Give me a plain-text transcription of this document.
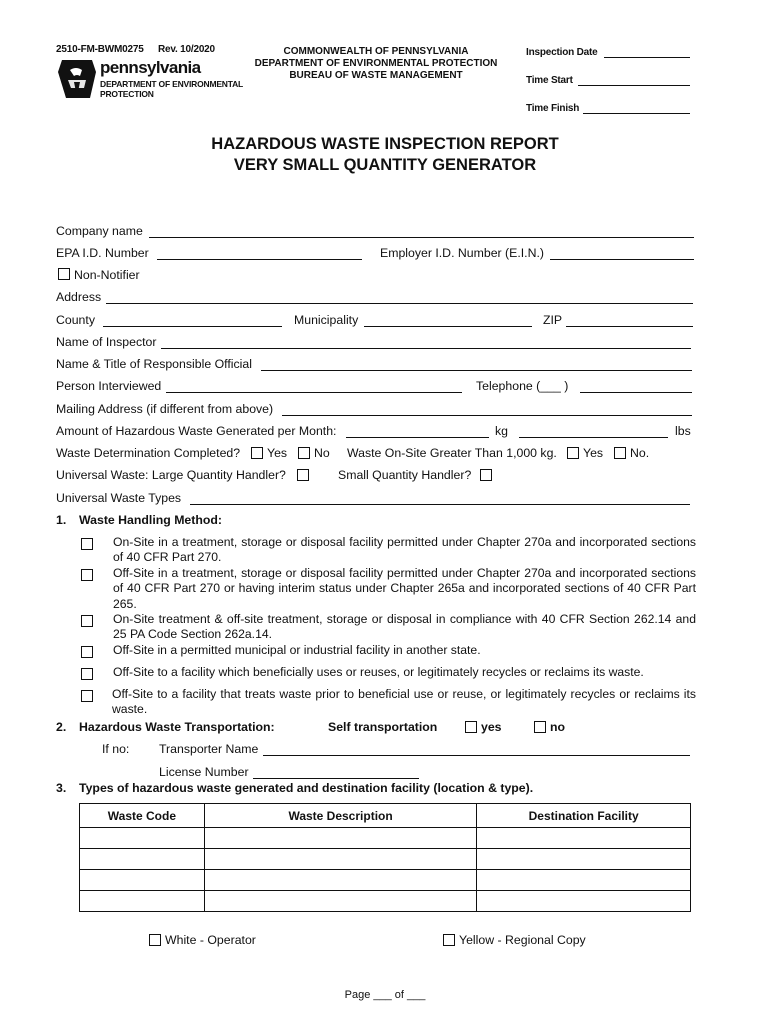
2510-FM-BWM0275 Rev. 10/2020
pennsylvania
DEPARTMENT OF ENVIRONMENTAL
PROTECTION
COMMONWEALTH OF PENNSYLVANIA
DEPARTMENT OF ENVIRONMENTAL PROTECTION
BUREAU OF WASTE MANAGEMENT
Inspection Date
Time Start
Time Finish
HAZARDOUS WASTE INSPECTION REPORT
VERY SMALL QUANTITY GENERATOR
Company name
EPA I.D. Number	Employer I.D. Number (E.I.N.)
Non-Notifier
Address
County	Municipality	ZIP
Name of Inspector
Name & Title of Responsible Official
Person Interviewed	Telephone (___ )
Mailing Address (if different from above)
Amount of Hazardous Waste Generated per Month:	kg	lbs
Waste Determination Completed? Yes No Waste On-Site Greater Than 1,000 kg. Yes No.
Universal Waste: Large Quantity Handler?	Small Quantity Handler?
Universal Waste Types
1. Waste Handling Method:
On-Site in a treatment, storage or disposal facility permitted under Chapter 270a and incorporated sections of 40 CFR Part 270.
Off-Site in a treatment, storage or disposal facility permitted under Chapter 270a and incorporated sections of 40 CFR Part 270 or having interim status under Chapter 265a and incorporated sections of 40 CFR Part 265.
On-Site treatment & off-site treatment, storage or disposal in compliance with 40 CFR Section 262.14 and 25 PA Code Section 262a.14.
Off-Site in a permitted municipal or industrial facility in another state.
Off-Site to a facility which beneficially uses or reuses, or legitimately recycles or reclaims its waste.
Off-Site to a facility that treats waste prior to beneficial use or reuse, or legitimately recycles or reclaims its waste.
2. Hazardous Waste Transportation:	Self transportation	yes	no
If no: Transporter Name
License Number
3. Types of hazardous waste generated and destination facility (location & type).
Waste Code	Waste Description	Destination Facility

White - Operator	Yellow - Regional Copy
Page ___ of ___
